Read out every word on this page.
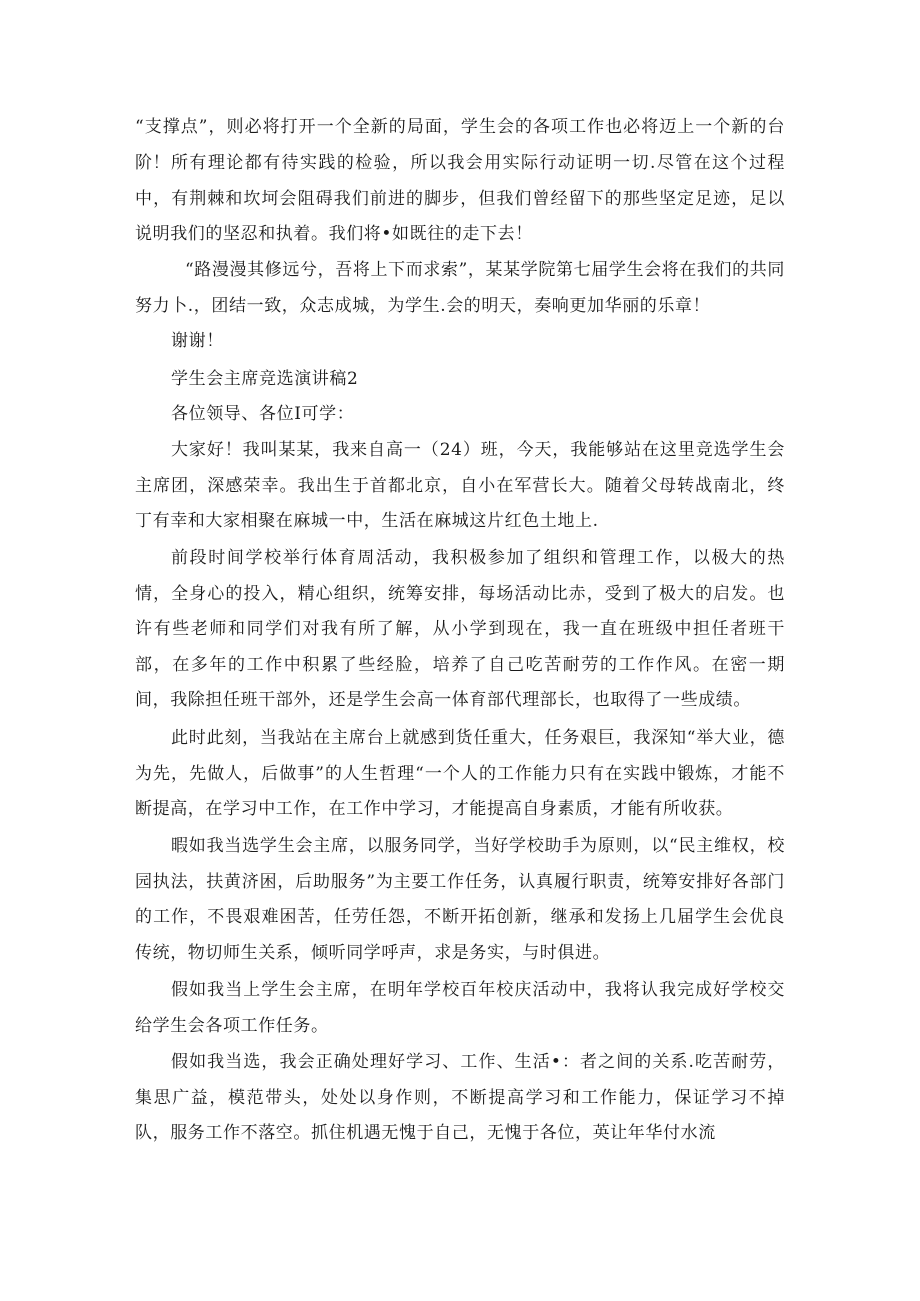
“支撑点”，则必将打开一个全新的局面，学生会的各项工作也必将迈上一个新的台阶！ 所有理论都有待实践的检验，所以我会用实际行动证明一切.尽管在这个过程中，有荆棘和坎坷会阻碍我们前进的脚步，但我们曾经留下的那些坚定足迹，足以说明我们的坚忍和执着。我们将•如既往的走下去！

“路漫漫其修远兮，吾将上下而求索”，某某学院第七届学生会将在我们的共同努力卜.，团结一致，众志成城，为学生.会的明天，奏响更加华丽的乐章！

谢谢！

学生会主席竞选演讲稿2

各位领导、各位I可学：

大家好！我叫某某，我来自高一（24）班，今天，我能够站在这里竞选学生会主席团，深感荣幸。我出生于首都北京，自小在军营长大。随着父母转战南北，终丁有幸和大家相聚在麻城一中，生活在麻城这片红色土地上.

前段时间学校举行体育周活动，我积极参加了组织和管理工作，以极大的热情，全身心的投入，精心组织，统筹安排，每场活动比赤，受到了极大的启发。也许有些老师和同学们对我有所了解，从小学到现在，我一直在班级中担任者班干部，在多年的工作中积累了些经脸，培养了自己吃苦耐劳的工作作风。在密一期间，我除担任班干部外，还是学生会高一体育部代理部长，也取得了一些成绩。

此时此刻，当我站在主席台上就感到货任重大，任务艰巨，我深知“举大业，德为先，先做人，后做事”的人生哲理“一个人的工作能力只有在实践中锻炼，才能不断提高，在学习中工作，在工作中学习，才能提高自身素质，才能有所收获。

暇如我当选学生会主席，以服务同学，当好学校助手为原则，以“民主维权，校园执法，扶黄济困，后助服务”为主要工作任务，认真履行职责，统筹安排好各部门的工作，不畏艰难困苦，任劳任怨，不断开拓创新，继承和发扬上几届学生会优良传统，物切师生关系，倾听同学呼声，求是务实，与时俱进。

假如我当上学生会主席，在明年学校百年校庆活动中，我将认我完成好学校交给学生会各项工作任务。

假如我当选，我会正确处理好学习、工作、生活•：者之间的关系.吃苦耐劳，集思广益，模范带头，处处以身作则，不断提高学习和工作能力，保证学习不掉队，服务工作不落空。抓住机遇无愧于自己，无愧于各位，英让年华付水流
